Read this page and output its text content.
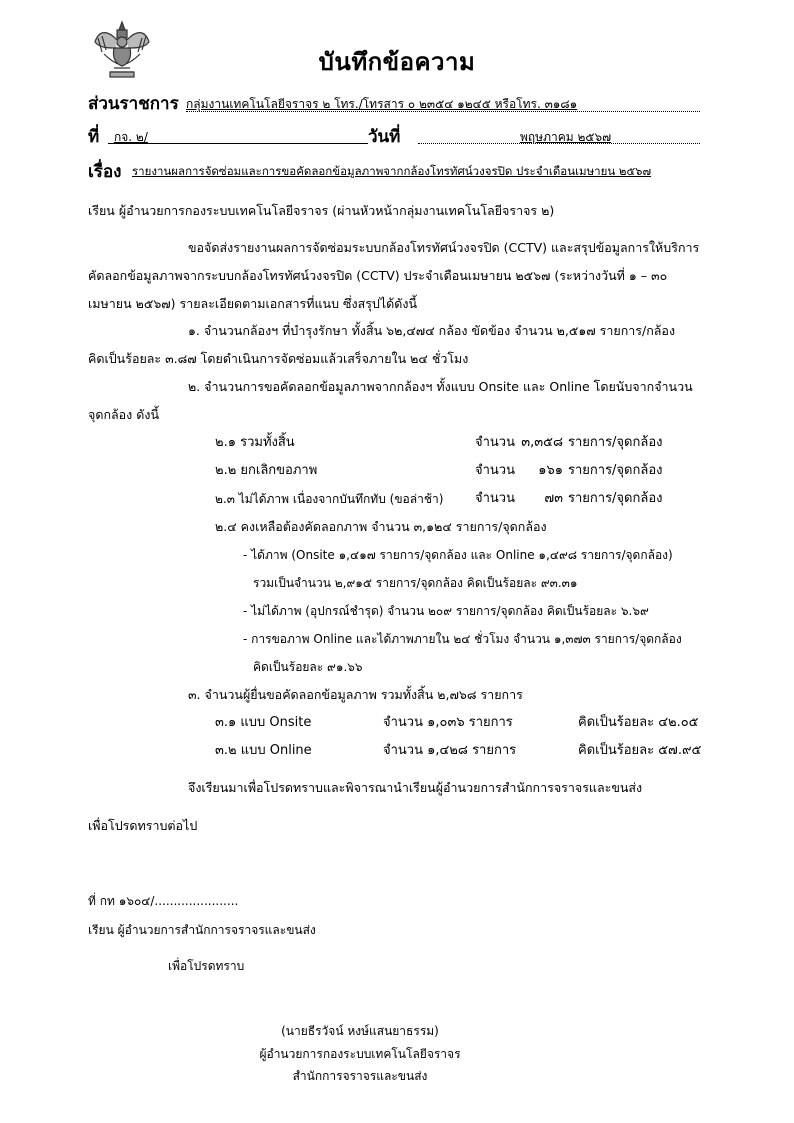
บันทึกข้อความ
ส่วนราชการ กลุ่มงานเทคโนโลยีจราจร ๒ โทร./โทรสาร ๐ ๒๓๕๔ ๑๒๔๕ หรือโทร. ๓๑๘๑
ที่ กจ. ๒/	วันที่	พฤษภาคม ๒๕๖๗
เรื่อง รายงานผลการจัดซ่อมและการขอคัดลอกข้อมูลภาพจากกล้องโทรทัศน์วงจรปิด ประจำเดือนเมษายน ๒๕๖๗
เรียน ผู้อำนวยการกองระบบเทคโนโลยีจราจร (ผ่านหัวหน้ากลุ่มงานเทคโนโลยีจราจร ๒)
ขอจัดส่งรายงานผลการจัดซ่อมระบบกล้องโทรทัศน์วงจรปิด (CCTV) และสรุปข้อมูลการให้บริการ
คัดลอกข้อมูลภาพจากระบบกล้องโทรทัศน์วงจรปิด (CCTV) ประจำเดือนเมษายน ๒๕๖๗ (ระหว่างวันที่ ๑ – ๓๐
เมษายน ๒๕๖๗) รายละเอียดตามเอกสารที่แนบ ซึ่งสรุปได้ดังนี้
๑. จำนวนกล้องฯ ที่บำรุงรักษา ทั้งสิ้น ๖๒,๔๗๔ กล้อง ขัดข้อง จำนวน ๒,๕๑๗ รายการ/กล้อง
คิดเป็นร้อยละ ๓.๘๗ โดยดำเนินการจัดซ่อมแล้วเสร็จภายใน ๒๔ ชั่วโมง
๒. จำนวนการขอคัดลอกข้อมูลภาพจากกล้องฯ ทั้งแบบ Onsite และ Online โดยนับจากจำนวน
จุดกล้อง ดังนี้
๒.๑ รวมทั้งสิ้น	จำนวน ๓,๓๕๘ รายการ/จุดกล้อง
๒.๒ ยกเลิกขอภาพ	จำนวน	๑๖๑ รายการ/จุดกล้อง
๒.๓ ไม่ได้ภาพ เนื่องจากบันทึกทับ (ขอล่าช้า) จำนวน	๗๓ รายการ/จุดกล้อง
๒.๔ คงเหลือต้องคัดลอกภาพ จำนวน ๓,๑๒๔ รายการ/จุดกล้อง
- ได้ภาพ (Onsite ๑,๔๑๗ รายการ/จุดกล้อง และ Online ๑,๔๙๘ รายการ/จุดกล้อง)
รวมเป็นจำนวน ๒,๙๑๕ รายการ/จุดกล้อง คิดเป็นร้อยละ ๙๓.๓๑
- ไม่ได้ภาพ (อุปกรณ์ชำรุด) จำนวน ๒๐๙ รายการ/จุดกล้อง คิดเป็นร้อยละ ๖.๖๙
- การขอภาพ Online และได้ภาพภายใน ๒๔ ชั่วโมง จำนวน ๑,๓๗๓ รายการ/จุดกล้อง
คิดเป็นร้อยละ ๙๑.๖๖
๓. จำนวนผู้ยื่นขอคัดลอกข้อมูลภาพ รวมทั้งสิ้น ๒,๗๖๘ รายการ
๓.๑ แบบ Onsite	จำนวน ๑,๐๓๖ รายการ	คิดเป็นร้อยละ ๔๒.๐๕
๓.๒ แบบ Online	จำนวน ๑,๔๒๘ รายการ	คิดเป็นร้อยละ ๕๗.๙๕
จึงเรียนมาเพื่อโปรดทราบและพิจารณานำเรียนผู้อำนวยการสำนักการจราจรและขนส่ง
เพื่อโปรดทราบต่อไป
ที่ กท ๑๖๐๔/......................
เรียน ผู้อำนวยการสำนักการจราจรและขนส่ง
เพื่อโปรดทราบ
(นายธีรวัจน์ หงษ์แสนยาธรรม)
ผู้อำนวยการกองระบบเทคโนโลยีจราจร
สำนักการจราจรและขนส่ง
